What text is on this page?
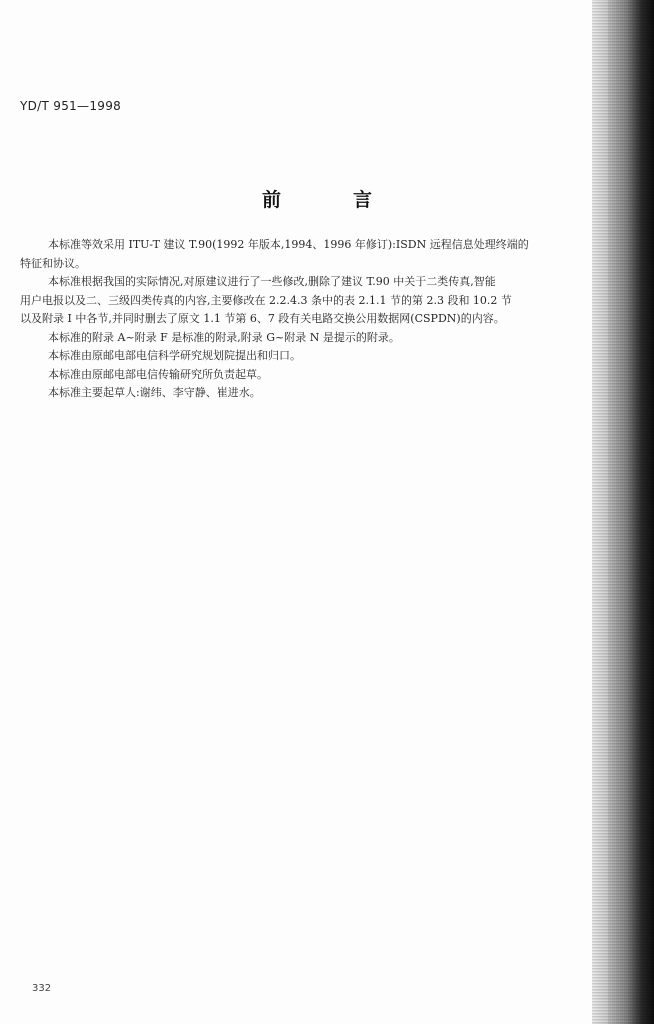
YD/T 951—1998
前	言

本标准等效采用 ITU-T 建议 T.90(1992 年版本,1994、1996 年修订):ISDN 远程信息处理终端的
特征和协议。

本标准根据我国的实际情况,对原建议进行了一些修改,删除了建议 T.90 中关于二类传真,智能
用户电报以及二、三级四类传真的内容,主要修改在 2.2.4.3 条中的表 2.1.1 节的第 2.3 段和 10.2 节
以及附录 I 中各节,并同时删去了原文 1.1 节第 6、7 段有关电路交换公用数据网(CSPDN)的内容。

本标准的附录 A~附录 F 是标准的附录,附录 G~附录 N 是提示的附录。

本标准由原邮电部电信科学研究规划院提出和归口。

本标准由原邮电部电信传输研究所负责起草。

本标准主要起草人:谢纬、李守静、崔进水。

332
